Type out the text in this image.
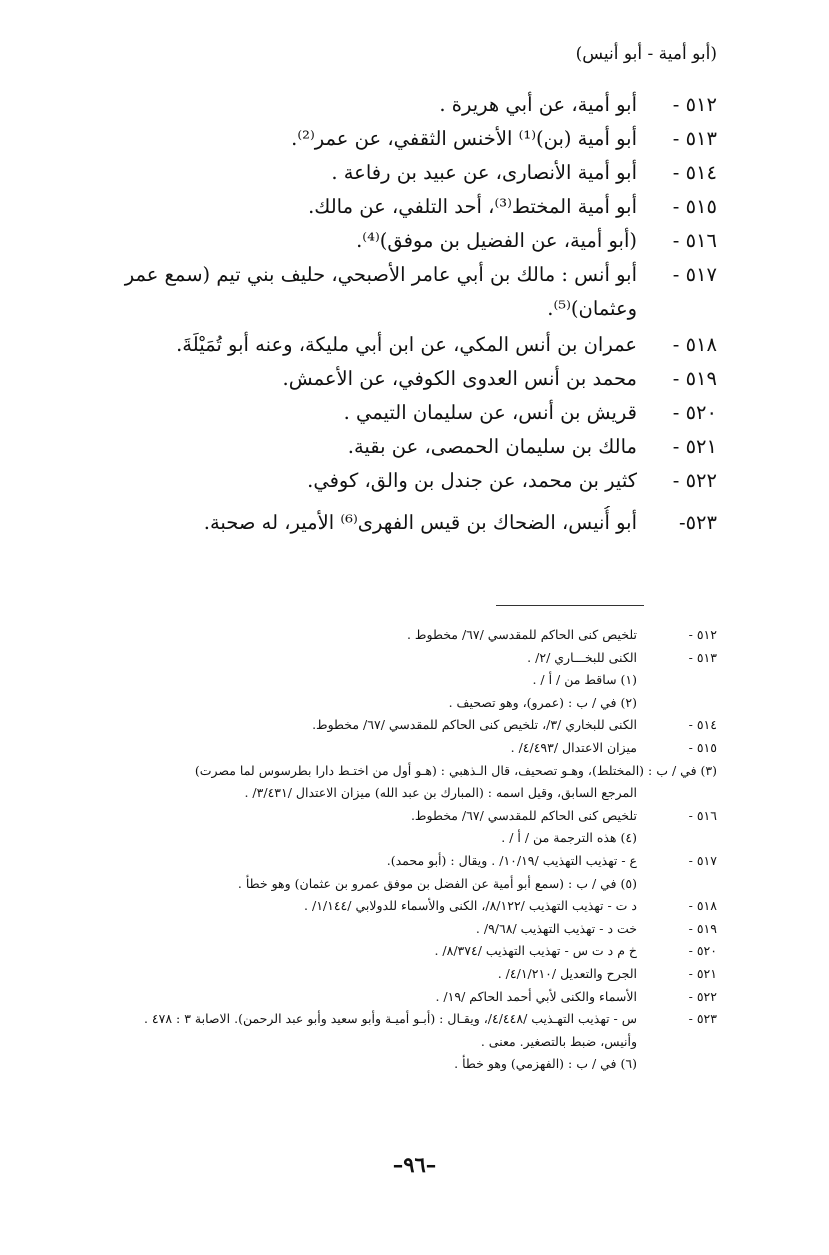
(أبو أمية - أبو أنيس)
٥١٢ -
أبو أمية، عن أبي هريرة .
٥١٣ -
أبو أمية (بن)⁽¹⁾ الأخنس الثقفي، عن عمر⁽²⁾.
٥١٤ -
أبو أمية الأنصارى، عن عبيد بن رفاعة .
٥١٥ -
أبو أمية المختط⁽³⁾، أحد التلفي، عن مالك.
٥١٦ -
(أبو أمية، عن الفضيل بن موفق)⁽⁴⁾.
٥١٧ -
أبو أنس : مالك بن أبي عامر الأصبحي، حليف بني تيم (سمع عمر
وعثمان)⁽⁵⁾.
٥١٨ -
عمران بن أنس المكي، عن ابن أبي مليكة، وعنه أبو تُمَيْلَةَ.
٥١٩ -
محمد بن أنس العدوى الكوفي، عن الأعمش.
٥٢٠ -
قريش بن أنس، عن سليمان التيمي .
٥٢١ -
مالك بن سليمان الحمصى، عن بقية.
٥٢٢ -
كثير بن محمد، عن جندل بن والق، كوفي.
٥٢٣-
أبو أُنيس، الضحاك بن قيس الفهرى⁽⁶⁾ الأمير، له صحبة.
٥١٢ -
تلخيص كنى الحاكم للمقدسي /٦٧/ مخطوط .
٥١٣ -
الكنى للبخـــاري /٢/ .
(١) ساقط من / أ / .
(٢) في / ب : (عمرو)، وهو تصحيف .
٥١٤ -
الكنى للبخاري /٣/، تلخيص كنى الحاكم للمقدسي /٦٧/ مخطوط.
٥١٥ -
ميزان الاعتدال /٤/٤٩٣/ .
(٣) في / ب : (المختلط)، وهـو تصحيف، قال الـذهبي : (هـو أول من اختـط دارا بطرسوس لما مصرت)
المرجع السابق، وقيل اسمه : (المبارك بن عبد الله) ميزان الاعتدال /٣/٤٣١/ .
٥١٦ -
تلخيص كنى الحاكم للمقدسي /٦٧/ مخطوط.
(٤) هذه الترجمة من / أ / .
٥١٧ -
ع - تهذيب التهذيب /١٠/١٩/ . ويقال : (أبو محمد).
(٥) في / ب : (سمع أبو أمية عن الفضل بن موفق عمرو بن عثمان) وهو خطأ .
٥١٨ -
د ت - تهذيب التهذيب /٨/١٢٢/، الكنى والأسماء للدولابي /١/١٤٤/ .
٥١٩ -
خت د - تهذيب التهذيب /٩/٦٨/ .
٥٢٠ -
خ م د ت س - تهذيب التهذيب /٨/٣٧٤/ .
٥٢١ -
الجرح والتعديل /٤/١/٢١٠/ .
٥٢٢ -
الأسماء والكنى لأبي أحمد الحاكم /١٩/ .
٥٢٣ -
س - تهذيب التهـذيب /٤/٤٤٨/، ويقـال : (أبـو أميـة وأبو سعيد وأبو عبد الرحمن). الاصابة ٣ : ٤٧٨ .
وأنيس، ضبط بالتصغير. معنى .
(٦) في / ب : (الفهزمي) وهو خطأ .
–٩٦–
